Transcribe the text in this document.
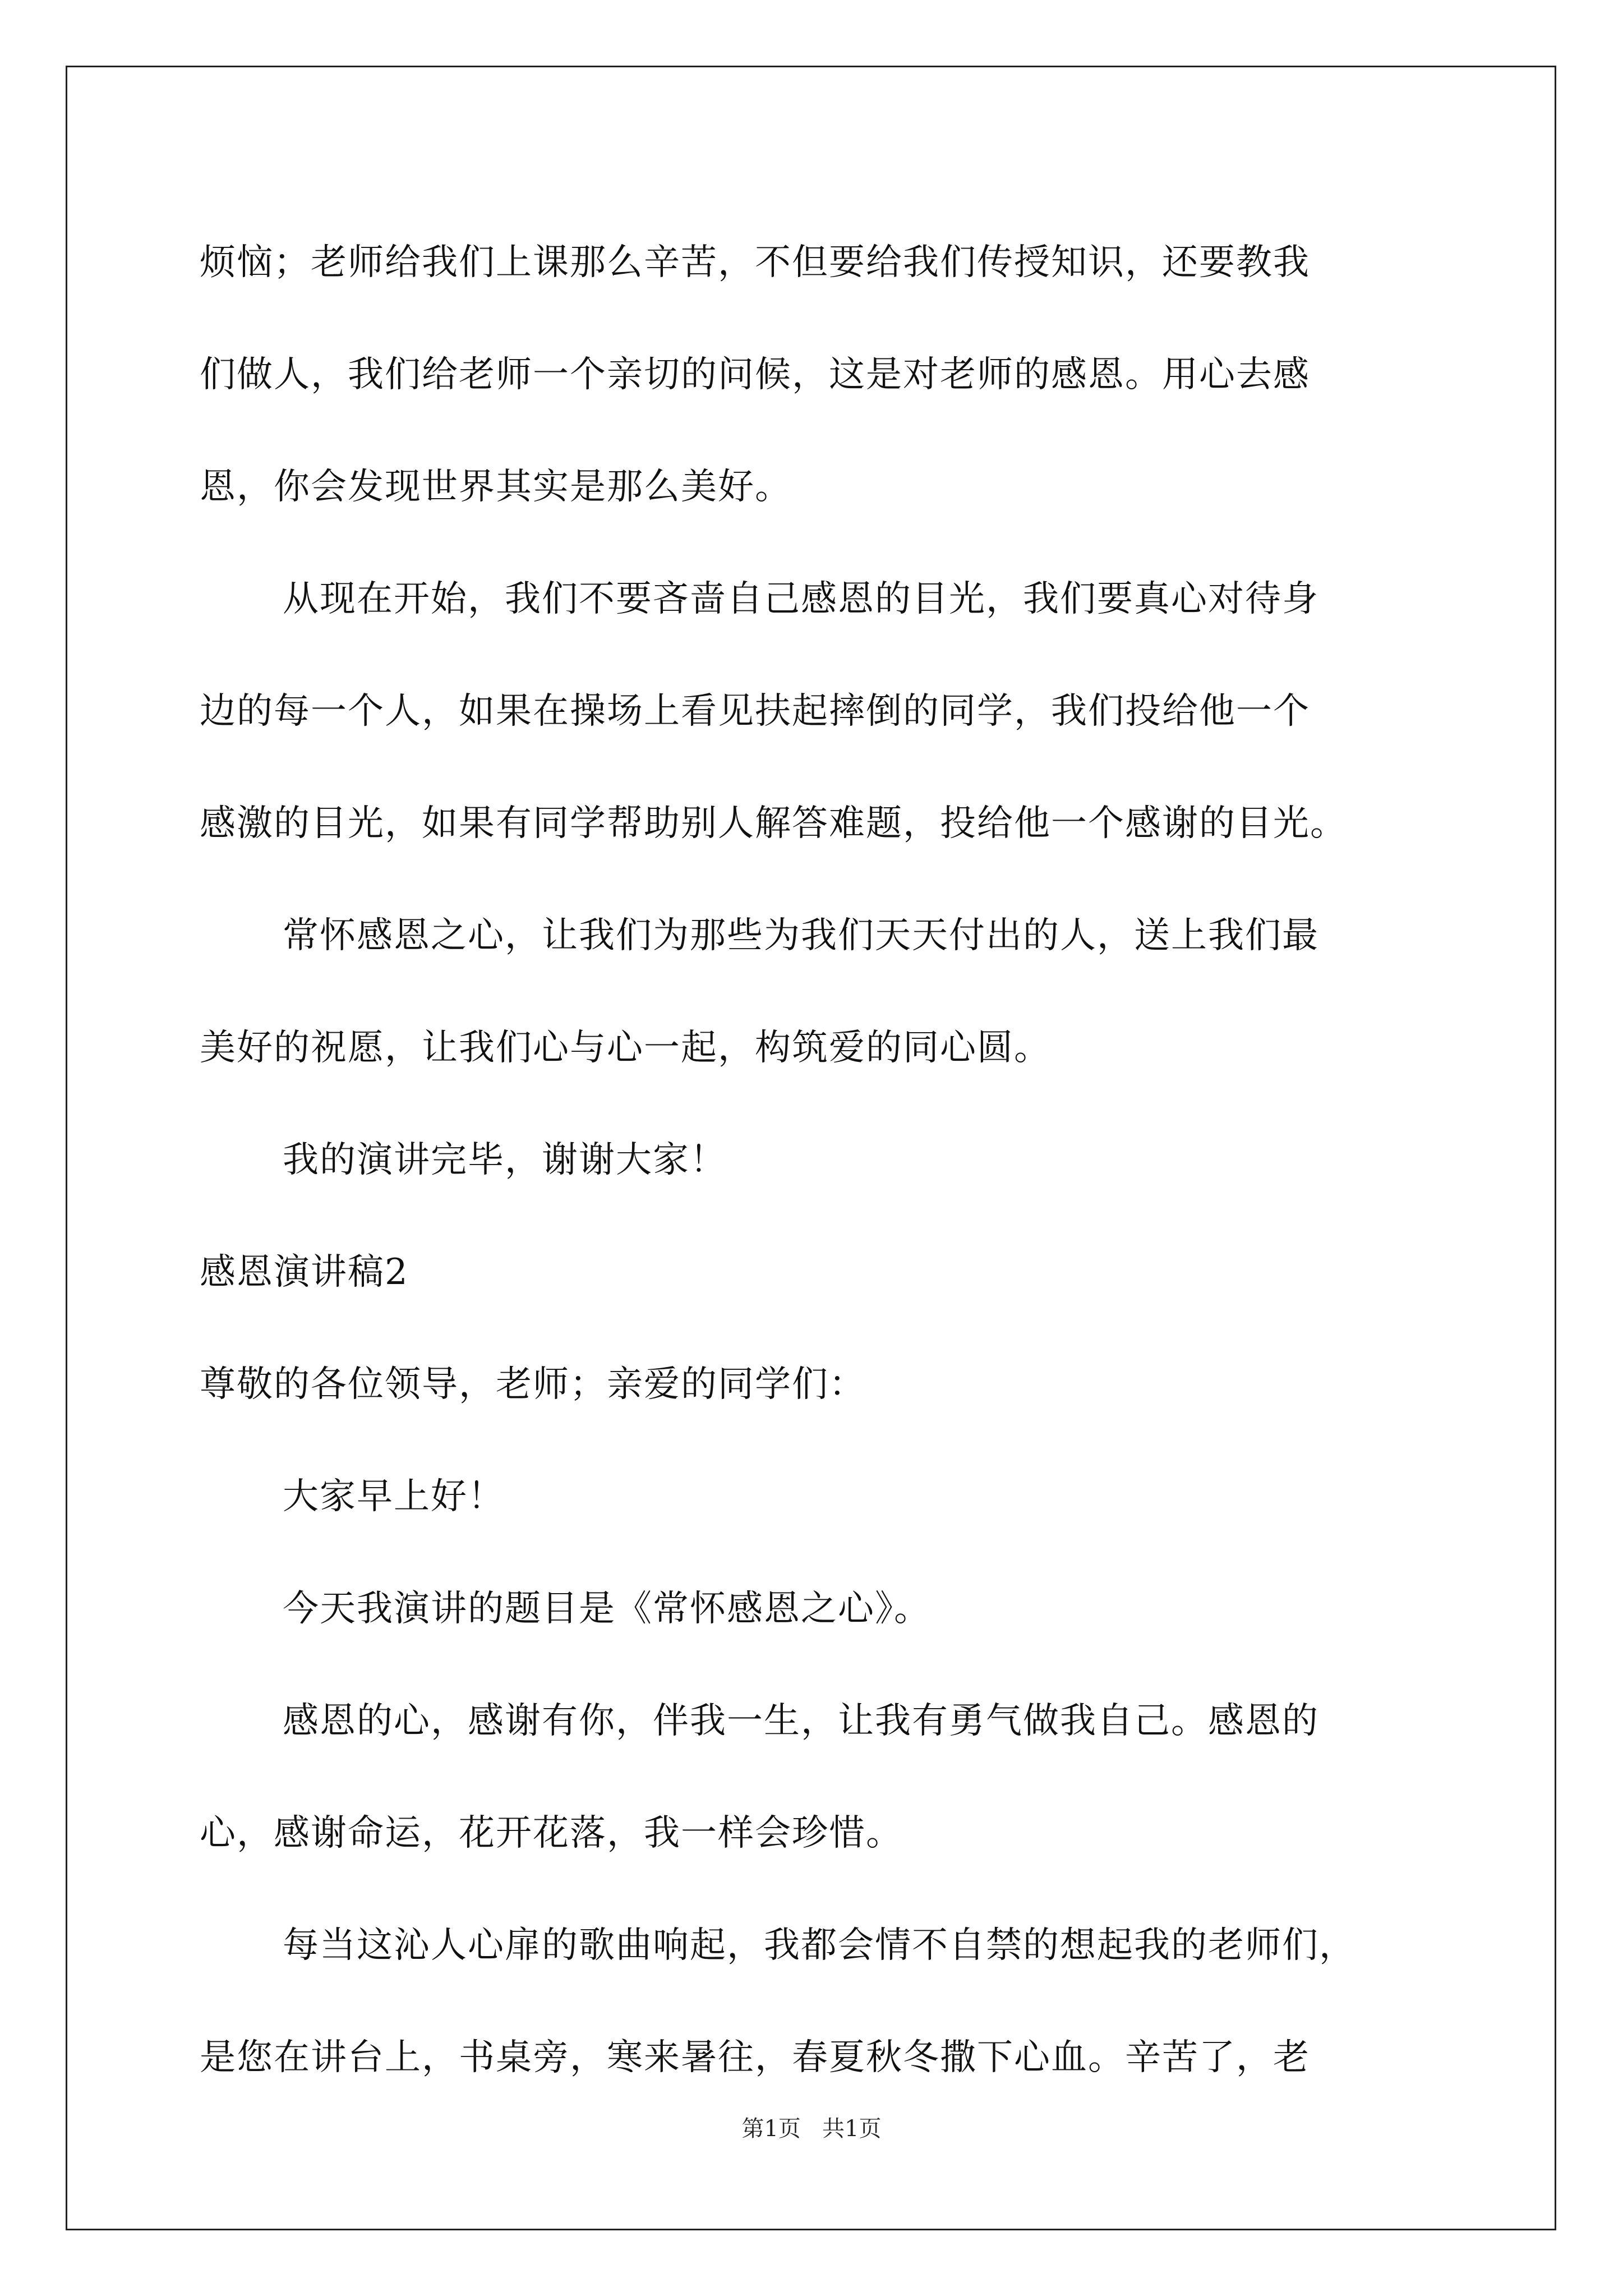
烦恼；老师给我们上课那么辛苦，不但要给我们传授知识，还要教我
们做人，我们给老师一个亲切的问候，这是对老师的感恩。用心去感
恩，你会发现世界其实是那么美好。
从现在开始，我们不要吝啬自己感恩的目光，我们要真心对待身
边的每一个人，如果在操场上看见扶起摔倒的同学，我们投给他一个
感激的目光，如果有同学帮助别人解答难题，投给他一个感谢的目光。
常怀感恩之心，让我们为那些为我们天天付出的人，送上我们最
美好的祝愿，让我们心与心一起，构筑爱的同心圆。
我的演讲完毕，谢谢大家！
感恩演讲稿2
尊敬的各位领导，老师；亲爱的同学们：
大家早上好！
今天我演讲的题目是《常怀感恩之心》。
感恩的心，感谢有你，伴我一生，让我有勇气做我自己。感恩的
心，感谢命运，花开花落，我一样会珍惜。
每当这沁人心扉的歌曲响起，我都会情不自禁的想起我的老师们，
是您在讲台上，书桌旁，寒来暑往，春夏秋冬撒下心血。辛苦了，老
第1页   共1页
